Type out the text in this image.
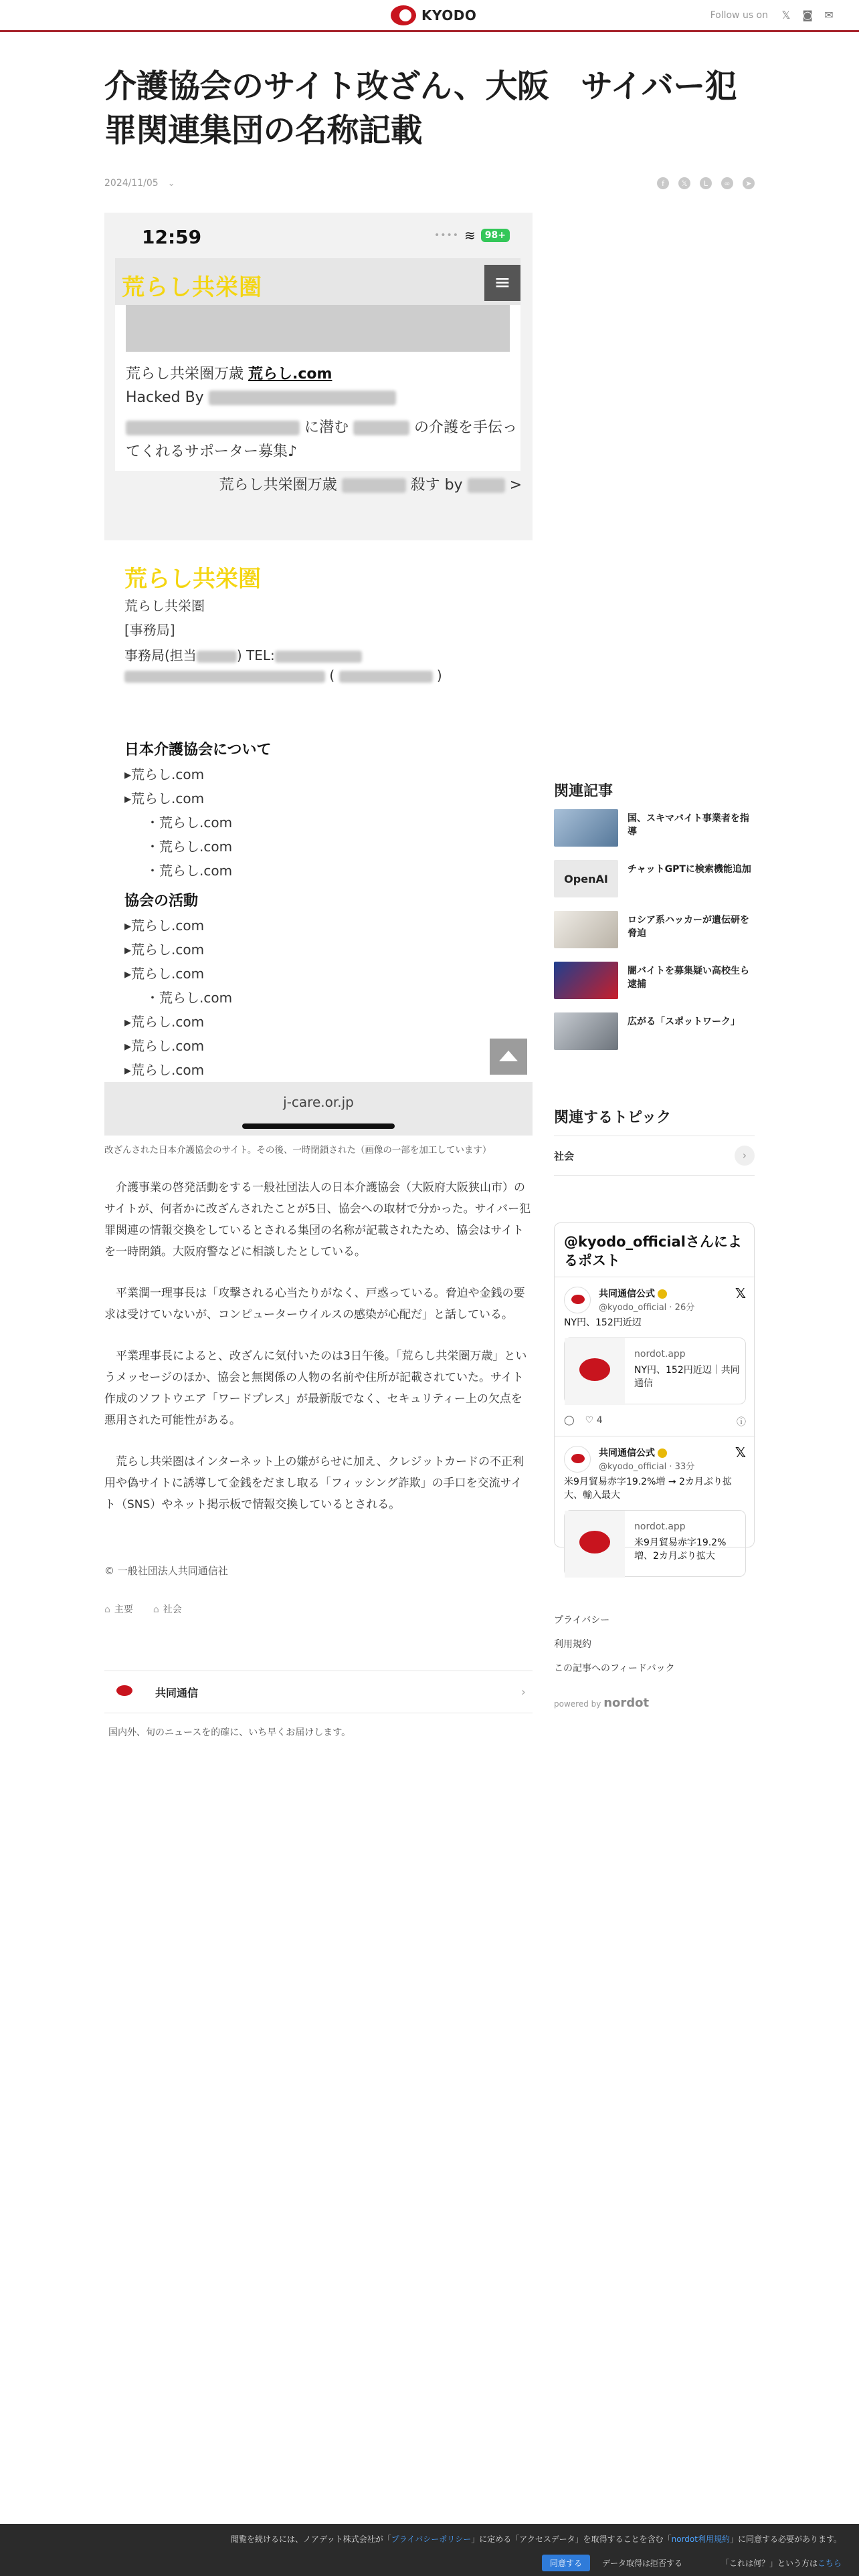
KYODO	Follow us on 𝕏 ◙ ✉
介護協会のサイト改ざん、大阪　サイバー犯罪関連集団の名称記載
2024/11/05 ⌄	f	𝕏	L	∞	➤
12:59	•••• ≋	98+
荒らし共栄圏	≡
荒らし共栄圏万歳 荒らし.com
Hacked By
に潜む	の介護を手伝っ
てくれるサポーター募集♪
荒らし共栄圏万歳	殺す by	>
荒らし共栄圏
荒らし共栄圏
[事務局]
事務局(担当	) TEL:
(	)
日本介護協会について
▸荒らし.com
▸荒らし.com
・荒らし.com
・荒らし.com
・荒らし.com
協会の活動
▸荒らし.com
▸荒らし.com
▸荒らし.com
・荒らし.com
▸荒らし.com
▸荒らし.com
▸荒らし.com
j-care.or.jp
改ざんされた日本介護協会のサイト。その後、一時閉鎖された（画像の一部を加工しています）

介護事業の啓発活動をする一般社団法人の日本介護協会（大阪府大阪狭山市）のサイトが、何者かに改ざんされたことが5日、協会への取材で分かった。サイバー犯罪関連の情報交換をしているとされる集団の名称が記載されたため、協会はサイトを一時閉鎖。大阪府警などに相談したとしている。

平業潤一理事長は「攻撃される心当たりがなく、戸惑っている。脅迫や金銭の要求は受けていないが、コンピューターウイルスの感染が心配だ」と話している。

平業理事長によると、改ざんに気付いたのは3日午後。「荒らし共栄圏万歳」というメッセージのほか、協会と無関係の人物の名前や住所が記載されていた。サイト作成のソフトウエア「ワードプレス」が最新版でなく、セキュリティー上の欠点を悪用された可能性がある。

荒らし共栄圏はインターネット上の嫌がらせに加え、クレジットカードの不正利用や偽サイトに誘導して金銭をだまし取る「フィッシング詐欺」の手口を交流サイト（SNS）やネット掲示板で情報交換しているとされる。

© 一般社団法人共同通信社
⌂ 主要 ⌂ 社会
共同通信	›
国内外、旬のニュースを的確に、いち早くお届けします。
関連記事
国、スキマバイト事業者を指導
OpenAI
チャットGPTに検索機能追加
ロシア系ハッカーが遺伝研を脅迫
闇バイトを募集疑い高校生ら逮捕
広がる「スポットワーク」
関連するトピック
社会	›
@kyodo_officialさんによるポスト
共同通信公式
@kyodo_official · 26分
𝕏
NY円、152円近辺
nordot.app
NY円、152円近辺｜共同通信
◯ ♡ 4	ⓘ
共同通信公式
@kyodo_official · 33分
𝕏
米9月貿易赤字19.2%増 → 2カ月ぶり拡大、輸入最大
nordot.app
米9月貿易赤字19.2%増、2カ月ぶり拡大
プライバシー
利用規約
この記事へのフィードバック
powered by nordot
閲覧を続けるには、ノアデット株式会社が「プライバシーポリシー」に定める「アクセスデータ」を取得することを含む「nordot利用規約」に同意する必要があります。
同意する	データ取得は拒否する	「これは何？」という方はこちら
